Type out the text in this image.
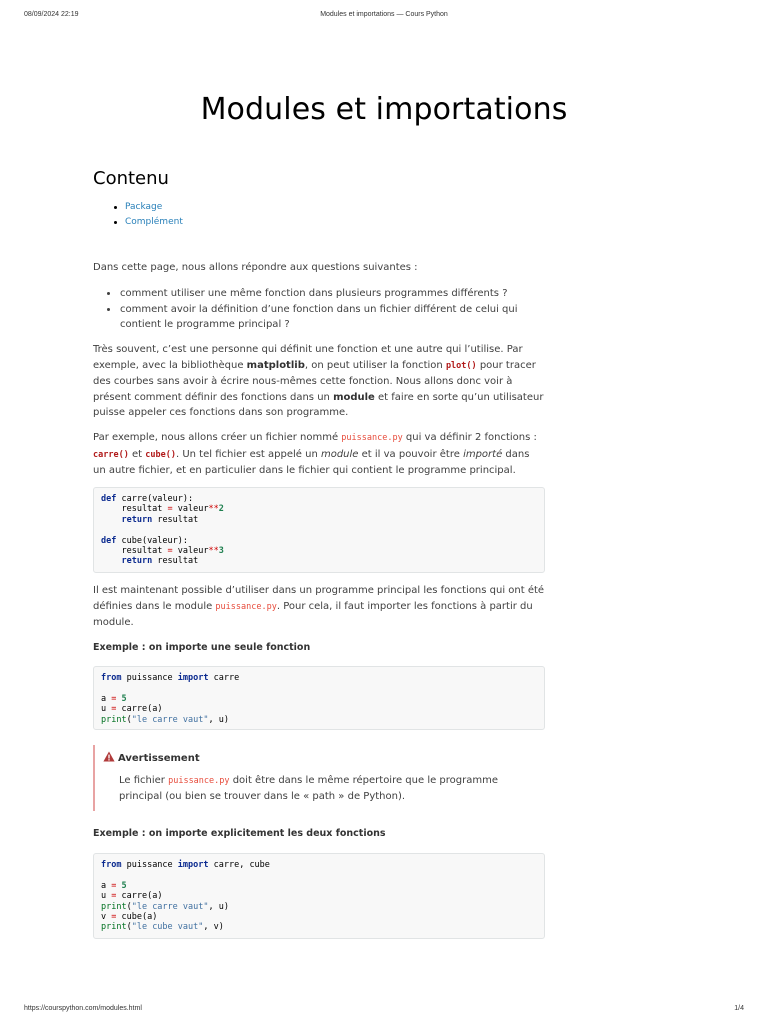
08/09/2024 22:19	Modules et importations — Cours Python
Modules et importations
Contenu
Package
Complément

Dans cette page, nous allons répondre aux questions suivantes :

comment utiliser une même fonction dans plusieurs programmes différents ?
comment avoir la définition d’une fonction dans un fichier différent de celui qui contient le programme principal ?

Très souvent, c’est une personne qui définit une fonction et une autre qui l’utilise. Par exemple, avec la bibliothèque matplotlib, on peut utiliser la fonction plot() pour tracer des courbes sans avoir à écrire nous-mêmes cette fonction. Nous allons donc voir à présent comment définir des fonctions dans un module et faire en sorte qu’un utilisateur puisse appeler ces fonctions dans son programme.

Par exemple, nous allons créer un fichier nommé puissance.py qui va définir 2 fonctions : carre() et cube(). Un tel fichier est appelé un module et il va pouvoir être importé dans un autre fichier, et en particulier dans le fichier qui contient le programme principal.

def carre(valeur):
resultat = valeur**2
return resultat

def cube(valeur):
resultat = valeur**3
return resultat

Il est maintenant possible d’utiliser dans un programme principal les fonctions qui ont été définies dans le module puissance.py. Pour cela, il faut importer les fonctions à partir du module.

Exemple : on importe une seule fonction

from puissance import carre

a = 5
u = carre(a)
print("le carre vaut", u)
Avertissement
Le fichier puissance.py doit être dans le même répertoire que le programme principal (ou bien se trouver dans le « path » de Python).

Exemple : on importe explicitement les deux fonctions

from puissance import carre, cube

a = 5
u = carre(a)
print("le carre vaut", u)
v = cube(a)
print("le cube vaut", v)
https://courspython.com/modules.html	1/4
